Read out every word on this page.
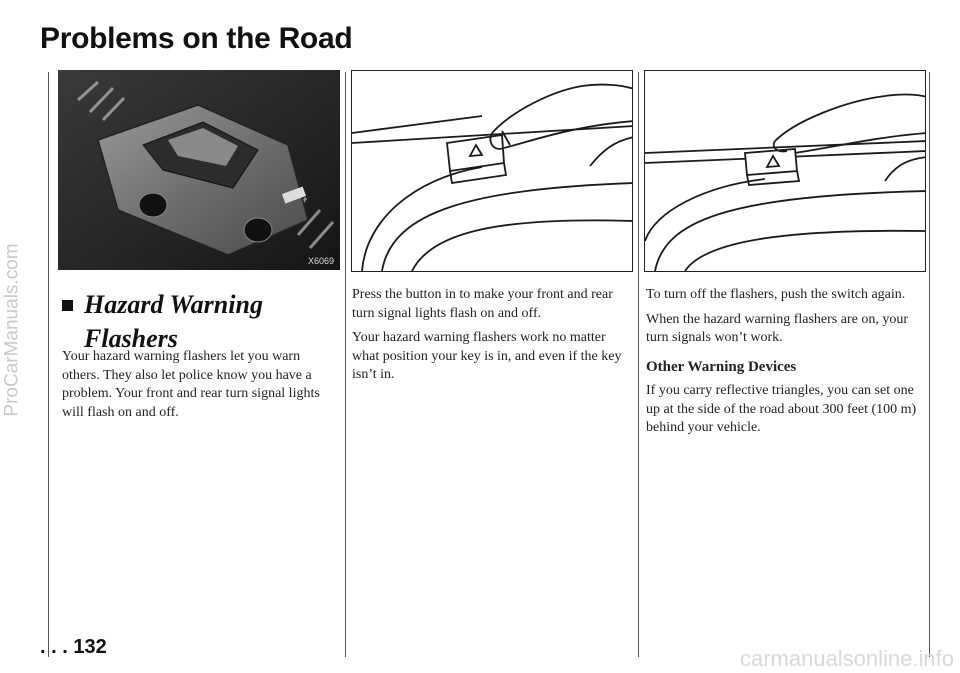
Problems on the Road
ProCarManuals.com	X6069
Hazard Warning Flashers

Your hazard warning flashers let you warn others. They also let police know you have a problem. Your front and rear turn signal lights will flash on and off.

Press the button in to make your front and rear turn signal lights flash on and off.

Your hazard warning flashers work no matter what position your key is in, and even if the key isn’t in.

To turn off the flashers, push the switch again.

When the hazard warning flashers are on, your turn signals won’t work.

Other Warning Devices

If you carry reflective triangles, you can set one up at the side of the road about 300 feet (100 m) behind your vehicle.

. . . 132	carmanualsonline.info
